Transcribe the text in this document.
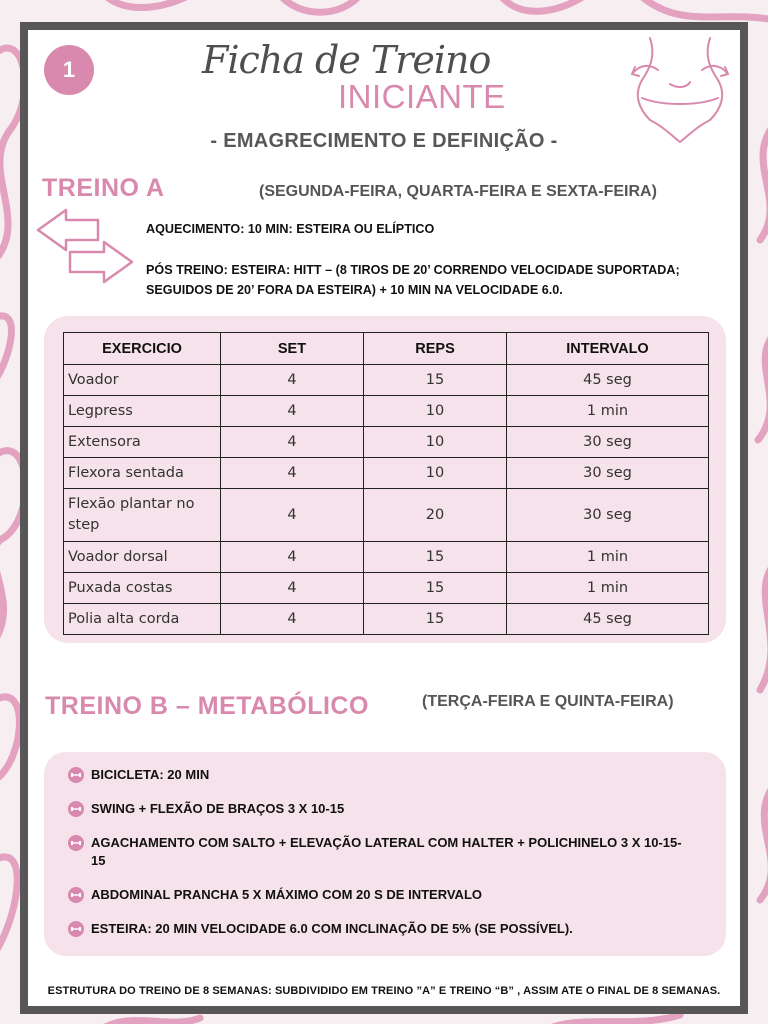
1	Ficha de Treino
INICIANTE
- EMAGRECIMENTO E DEFINIÇÃO -
TREINO A	(SEGUNDA-FEIRA, QUARTA-FEIRA E SEXTA-FEIRA)
AQUECIMENTO: 10 MIN: ESTEIRA OU ELÍPTICO
PÓS TREINO: ESTEIRA: HITT – (8 TIROS DE 20’ CORRENDO VELOCIDADE SUPORTADA; SEGUIDOS DE 20’ FORA DA ESTEIRA) + 10 MIN NA VELOCIDADE 6.0.
EXERCICIO	SET	REPS	INTERVALO
Voador	4	15	45 seg
Legpress	4	10	1 min
Extensora	4	10	30 seg
Flexora sentada	4	10	30 seg
Flexão plantar no step	4	20	30 seg
Voador dorsal	4	15	1 min
Puxada costas	4	15	1 min
Polia alta corda	4	15	45 seg
TREINO B – METABÓLICO	(TERÇA-FEIRA E QUINTA-FEIRA)
BICICLETA: 20 MIN
SWING + FLEXÃO DE BRAÇOS 3 X 10-15
AGACHAMENTO COM SALTO + ELEVAÇÃO LATERAL COM HALTER + POLICHINELO 3 X 10-15-15
ABDOMINAL PRANCHA 5 X MÁXIMO COM 20 S DE INTERVALO
ESTEIRA: 20 MIN VELOCIDADE 6.0 COM INCLINAÇÃO DE 5% (SE POSSÍVEL).
ESTRUTURA DO TREINO DE 8 SEMANAS: SUBDIVIDIDO EM TREINO ”A” E TREINO “B” , ASSIM ATE O FINAL DE 8 SEMANAS.
